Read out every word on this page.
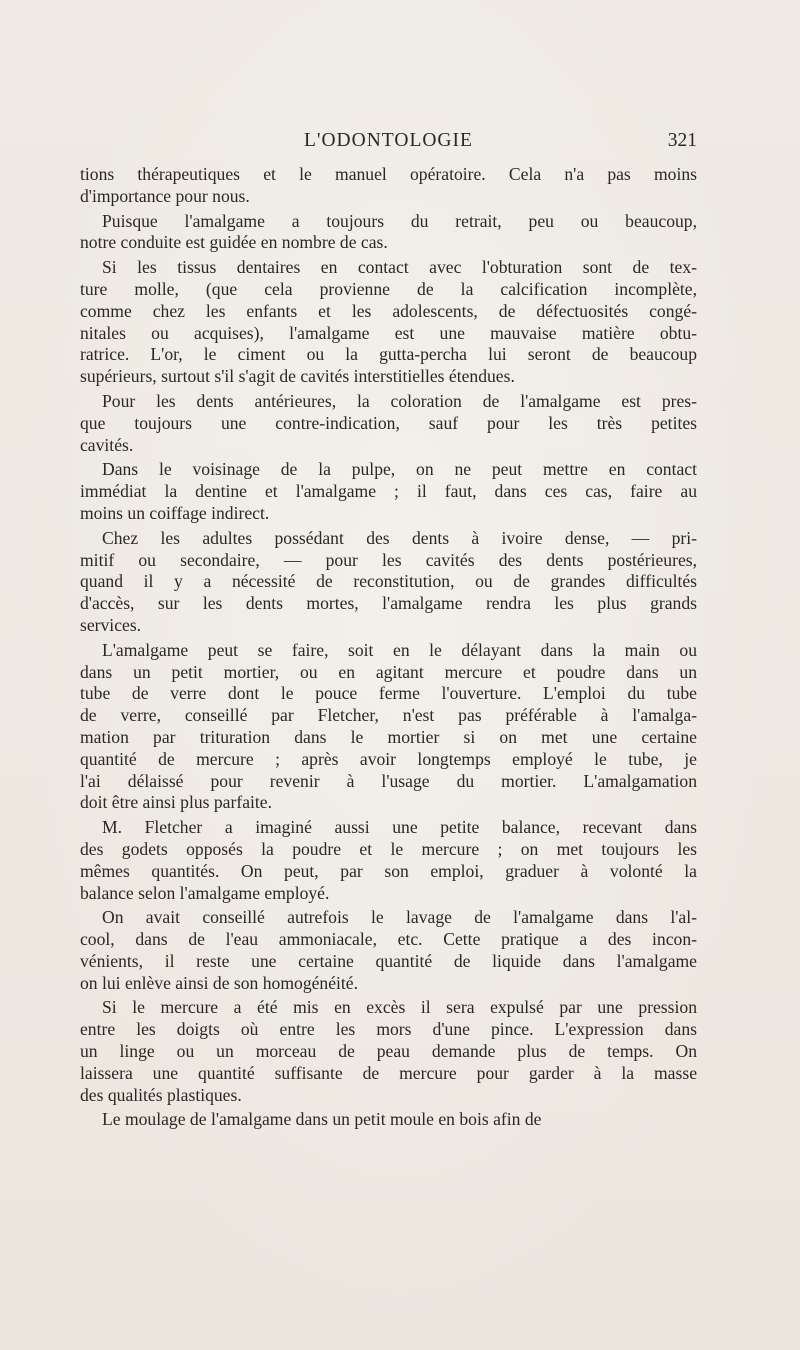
L'ODONTOLOGIE	321
tions thérapeutiques et le manuel opératoire. Cela n'a pas moins
d'importance pour nous.
Puisque l'amalgame a toujours du retrait, peu ou beaucoup,
notre conduite est guidée en nombre de cas.
Si les tissus dentaires en contact avec l'obturation sont de tex-
ture molle, (que cela provienne de la calcification incomplète,
comme chez les enfants et les adolescents, de défectuosités congé-
nitales ou acquises), l'amalgame est une mauvaise matière obtu-
ratrice. L'or, le ciment ou la gutta-percha lui seront de beaucoup
supérieurs, surtout s'il s'agit de cavités interstitielles étendues.
Pour les dents antérieures, la coloration de l'amalgame est pres-
que toujours une contre-indication, sauf pour les très petites
cavités.
Dans le voisinage de la pulpe, on ne peut mettre en contact
immédiat la dentine et l'amalgame ; il faut, dans ces cas, faire au
moins un coiffage indirect.
Chez les adultes possédant des dents à ivoire dense, — pri-
mitif ou secondaire, — pour les cavités des dents postérieures,
quand il y a nécessité de reconstitution, ou de grandes difficultés
d'accès, sur les dents mortes, l'amalgame rendra les plus grands
services.
L'amalgame peut se faire, soit en le délayant dans la main ou
dans un petit mortier, ou en agitant mercure et poudre dans un
tube de verre dont le pouce ferme l'ouverture. L'emploi du tube
de verre, conseillé par Fletcher, n'est pas préférable à l'amalga-
mation par trituration dans le mortier si on met une certaine
quantité de mercure ; après avoir longtemps employé le tube, je
l'ai délaissé pour revenir à l'usage du mortier. L'amalgamation
doit être ainsi plus parfaite.
M. Fletcher a imaginé aussi une petite balance, recevant dans
des godets opposés la poudre et le mercure ; on met toujours les
mêmes quantités. On peut, par son emploi, graduer à volonté la
balance selon l'amalgame employé.
On avait conseillé autrefois le lavage de l'amalgame dans l'al-
cool, dans de l'eau ammoniacale, etc. Cette pratique a des incon-
vénients, il reste une certaine quantité de liquide dans l'amalgame
on lui enlève ainsi de son homogénéité.
Si le mercure a été mis en excès il sera expulsé par une pression
entre les doigts où entre les mors d'une pince. L'expression dans
un linge ou un morceau de peau demande plus de temps. On
laissera une quantité suffisante de mercure pour garder à la masse
des qualités plastiques.
Le moulage de l'amalgame dans un petit moule en bois afin de
